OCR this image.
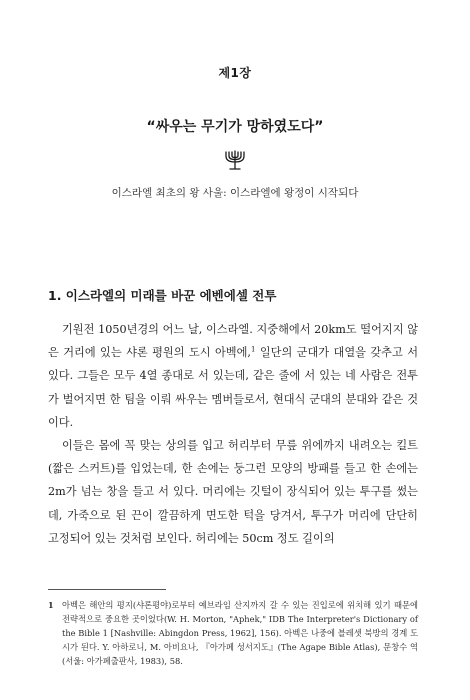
제1장
“싸우는 무기가 망하였도다”
이스라엘 최초의 왕 사울: 이스라엘에 왕정이 시작되다
1. 이스라엘의 미래를 바꾼 에벤에셀 전투

기원전 1050년경의 어느 날, 이스라엘. 지중해에서 20km도 떨어지지 않은 거리에 있는 샤론 평원의 도시 아벡에,$^1$ 일단의 군대가 대열을 갖추고 서 있다. 그들은 모두 4열 종대로 서 있는데, 같은 줄에 서 있는 네 사람은 전투가 벌어지면 한 팀을 이뤄 싸우는 멤버들로서, 현대식 군대의 분대와 같은 것이다.

이들은 몸에 꼭 맞는 상의를 입고 허리부터 무릎 위에까지 내려오는 킬트(짧은 스커트)를 입었는데, 한 손에는 둥그런 모양의 방패를 들고 한 손에는 2m가 넘는 창을 들고 서 있다. 머리에는 깃털이 장식되어 있는 투구를 썼는데, 가죽으로 된 끈이 깔끔하게 면도한 턱을 당겨서, 투구가 머리에 단단히 고정되어 있는 것처럼 보인다. 허리에는 50cm 정도 길이의

1 아벡은 해안의 평지(샤론평야)로부터 예브라임 산지까지 갈 수 있는 진입로에 위치해 있기 때문에 전략적으로 중요한 곳이었다(W. H. Morton, "Aphek," IDB The Interpreter's Dictionary of the Bible 1 [Nashville: Abingdon Press, 1962], 156). 아벡은 나중에 블레셋 북방의 경계 도시가 된다. Y. 아하로니, M. 아비요나, 『아가페 성서지도』(The Agape Bible Atlas), 문창수 역 (서울: 아가페출판사, 1983), 58.
